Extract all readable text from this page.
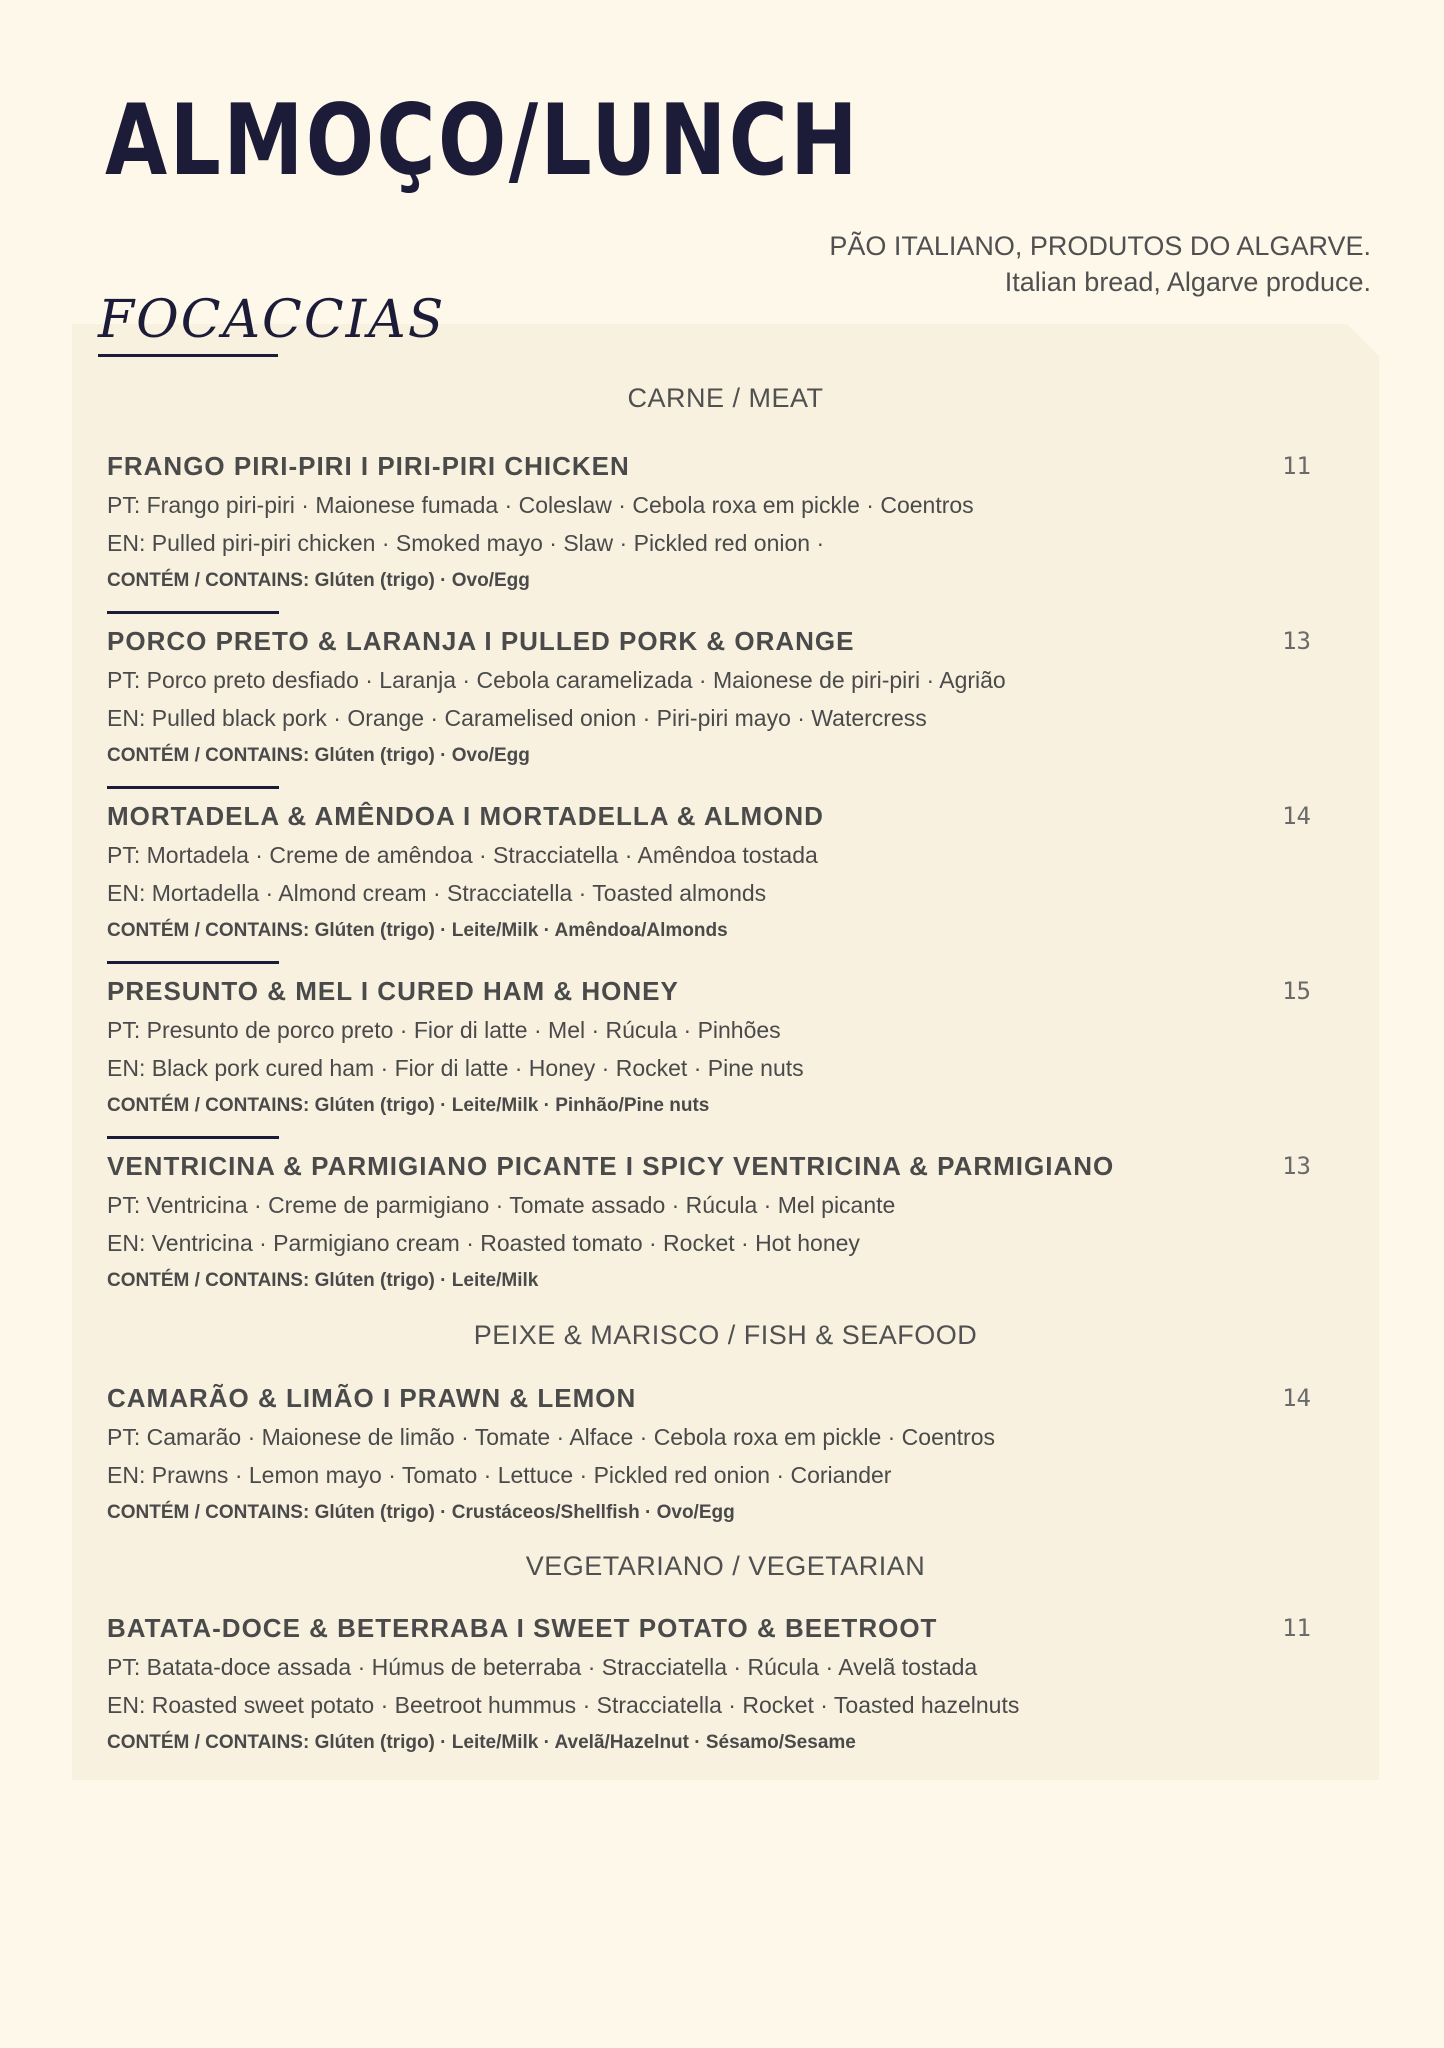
ALMOÇO/LUNCH
PÃO ITALIANO, PRODUTOS DO ALGARVE.
Italian bread, Algarve produce.
FOCACCIAS
CARNE / MEAT
FRANGO PIRI-PIRI I PIRI-PIRI CHICKEN	11
PT: Frango piri-piri · Maionese fumada · Coleslaw · Cebola roxa em pickle · Coentros
EN: Pulled piri-piri chicken · Smoked mayo · Slaw · Pickled red onion ·
CONTÉM / CONTAINS: Glúten (trigo) · Ovo/Egg
PORCO PRETO & LARANJA I PULLED PORK & ORANGE	13
PT: Porco preto desfiado · Laranja · Cebola caramelizada · Maionese de piri-piri · Agrião
EN: Pulled black pork · Orange · Caramelised onion · Piri-piri mayo · Watercress
CONTÉM / CONTAINS: Glúten (trigo) · Ovo/Egg
MORTADELA & AMÊNDOA I MORTADELLA & ALMOND	14
PT: Mortadela · Creme de amêndoa · Stracciatella · Amêndoa tostada
EN: Mortadella · Almond cream · Stracciatella · Toasted almonds
CONTÉM / CONTAINS: Glúten (trigo) · Leite/Milk · Amêndoa/Almonds
PRESUNTO & MEL I CURED HAM & HONEY	15
PT: Presunto de porco preto · Fior di latte · Mel · Rúcula · Pinhões
EN: Black pork cured ham · Fior di latte · Honey · Rocket · Pine nuts
CONTÉM / CONTAINS: Glúten (trigo) · Leite/Milk · Pinhão/Pine nuts
VENTRICINA & PARMIGIANO PICANTE I SPICY VENTRICINA & PARMIGIANO	13
PT: Ventricina · Creme de parmigiano · Tomate assado · Rúcula · Mel picante
EN: Ventricina · Parmigiano cream · Roasted tomato · Rocket · Hot honey
CONTÉM / CONTAINS: Glúten (trigo) · Leite/Milk
PEIXE & MARISCO / FISH & SEAFOOD
CAMARÃO & LIMÃO I PRAWN & LEMON	14
PT: Camarão · Maionese de limão · Tomate · Alface · Cebola roxa em pickle · Coentros
EN: Prawns · Lemon mayo · Tomato · Lettuce · Pickled red onion · Coriander
CONTÉM / CONTAINS: Glúten (trigo) · Crustáceos/Shellfish · Ovo/Egg
VEGETARIANO / VEGETARIAN
BATATA-DOCE & BETERRABA I SWEET POTATO & BEETROOT	11
PT: Batata-doce assada · Húmus de beterraba · Stracciatella · Rúcula · Avelã tostada
EN: Roasted sweet potato · Beetroot hummus · Stracciatella · Rocket · Toasted hazelnuts
CONTÉM / CONTAINS: Glúten (trigo) · Leite/Milk · Avelã/Hazelnut · Sésamo/Sesame
